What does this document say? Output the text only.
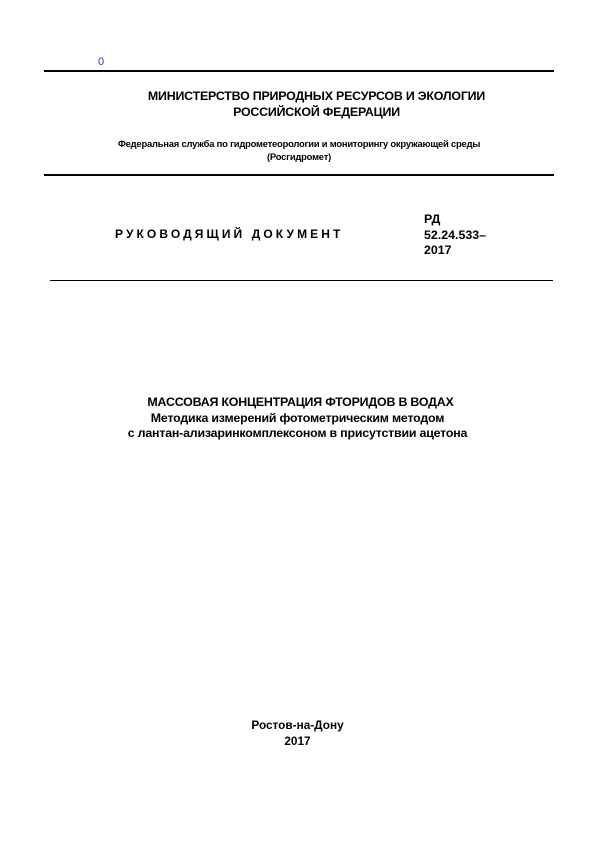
0
МИНИСТЕРСТВО ПРИРОДНЫХ РЕСУРСОВ И ЭКОЛОГИИ
РОССИЙСКОЙ ФЕДЕРАЦИИ
Федеральная служба по гидрометеорологии и мониторингу окружающей среды
(Росгидромет)
РУКОВОДЯЩИЙ ДОКУМЕНТ
РД
52.24.533–
2017
МАССОВАЯ КОНЦЕНТРАЦИЯ ФТОРИДОВ В ВОДАХ
Методика измерений фотометрическим методом
с лантан-ализаринкомплексоном в присутствии ацетона
Ростов-на-Дону
2017
